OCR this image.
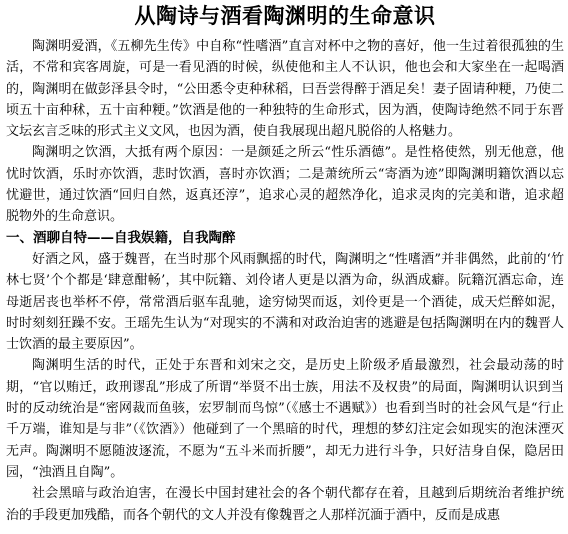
从陶诗与酒看陶渊明的生命意识

陶渊明爱酒，《五柳先生传》中自称“性嗜酒”直言对杯中之物的喜好，他一生过着很孤独的生活，不常和宾客周旋，可是一看见酒的时候，纵使他和主人不认识，他也会和大家坐在一起喝酒的，陶渊明在做彭泽县令时，“公田悉令吏种秫稻，曰吾尝得醉于酒足矣！妻子固请种粳，乃使二顷五十亩种秫，五十亩种粳。”饮酒是他的一种独特的生命形式，因为酒，使陶诗绝然不同于东晋文坛玄言乏味的形式主义文风，也因为酒，使自我展现出超凡脱俗的人格魅力。

陶渊明之饮酒，大抵有两个原因：一是颜延之所云“性乐酒德”。是性格使然，别无他意，他忧时饮酒，乐时亦饮酒，悲时饮酒，喜时亦饮酒；二是萧统所云“寄酒为迹”即陶渊明籍饮酒以忘忧避世，通过饮酒“回归自然，返真还淳”，追求心灵的超然净化，追求灵肉的完美和谐，追求超脱物外的生命意识。

一、酒聊自特——自我娱籍，自我陶醉

好酒之风，盛于魏晋，在当时那个风雨飘摇的时代，陶渊明之“性嗜酒”并非偶然，此前的‘竹林七贤’个个都是‘肆意酣畅’，其中阮籍、刘伶诸人更是以酒为命，纵酒成癖。阮籍沉酒忘命，连母逝居丧也举杯不停，常常酒后驱车乱驰，途穷恸哭而返，刘伶更是一个酒徒，成天烂醉如泥，时时刻刻狂躁不安。王瑶先生认为“对现实的不满和对政治迫害的逃避是包括陶渊明在内的魏晋人士饮酒的最主要原因”。

陶渊明生活的时代，正处于东晋和刘宋之交，是历史上阶级矛盾最激烈，社会最动荡的时期，“官以贿迁，政刑谬乱”形成了所谓“举贤不出士族，用法不及权贵”的局面，陶渊明认识到当时的反动统治是“密网裁而鱼骇，宏罗制而鸟惊”（《感士不遇赋》）也看到当时的社会风气是“行止千万端，谁知是与非”（《饮酒》）他碰到了一个黑暗的时代，理想的梦幻注定会如现实的泡沫湮灭无声。陶渊明不愿随波逐流，不愿为“五斗米而折腰”，却无力进行斗争，只好洁身自保，隐居田园，“浊酒且自陶”。

社会黑暗与政治迫害，在漫长中国封建社会的各个朝代都存在着，且越到后期统治者维护统治的手段更加残酷，而各个朝代的文人并没有像魏晋之人那样沉湎于酒中，反而是成惠
